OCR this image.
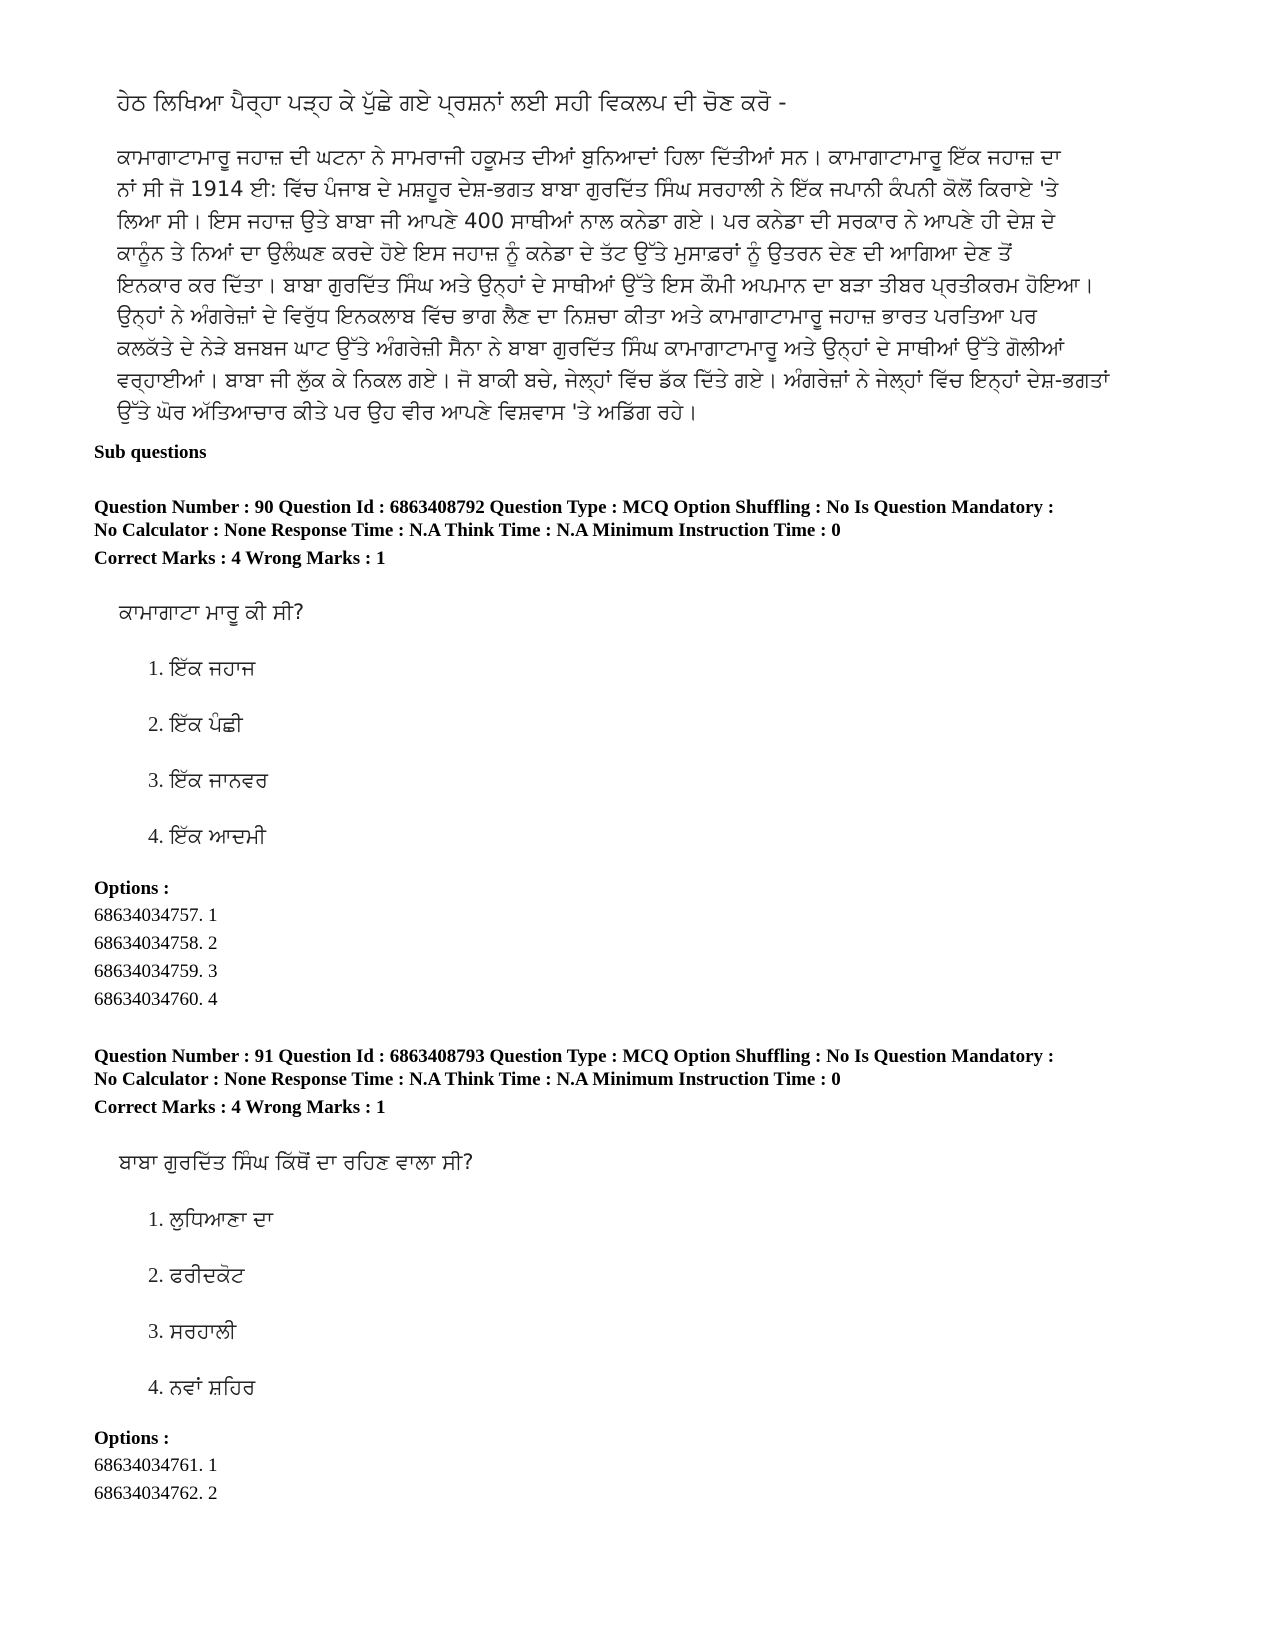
ਹੇਠ ਲਿਖਿਆ ਪੈਰ੍ਹਾ ਪੜ੍ਹ ਕੇ ਪੁੱਛੇ ਗਏ ਪ੍ਰਸ਼ਨਾਂ ਲਈ ਸਹੀ ਵਿਕਲਪ ਦੀ ਚੋਣ ਕਰੋ -
ਕਾਮਾਗਾਟਾਮਾਰੂ ਜਹਾਜ਼ ਦੀ ਘਟਨਾ ਨੇ ਸਾਮਰਾਜੀ ਹਕੂਮਤ ਦੀਆਂ ਬੁਨਿਆਦਾਂ ਹਿਲਾ ਦਿੱਤੀਆਂ ਸਨ। ਕਾਮਾਗਾਟਾਮਾਰੂ ਇੱਕ ਜਹਾਜ਼ ਦਾ
ਨਾਂ ਸੀ ਜੋ 1914 ਈ: ਵਿੱਚ ਪੰਜਾਬ ਦੇ ਮਸ਼ਹੂਰ ਦੇਸ਼-ਭਗਤ ਬਾਬਾ ਗੁਰਦਿੱਤ ਸਿੰਘ ਸਰਹਾਲੀ ਨੇ ਇੱਕ ਜਪਾਨੀ ਕੰਪਨੀ ਕੋਲੋਂ ਕਿਰਾਏ 'ਤੇ
ਲਿਆ ਸੀ। ਇਸ ਜਹਾਜ਼ ਉਤੇ ਬਾਬਾ ਜੀ ਆਪਣੇ 400 ਸਾਥੀਆਂ ਨਾਲ ਕਨੇਡਾ ਗਏ। ਪਰ ਕਨੇਡਾ ਦੀ ਸਰਕਾਰ ਨੇ ਆਪਣੇ ਹੀ ਦੇਸ਼ ਦੇ
ਕਾਨੂੰਨ ਤੇ ਨਿਆਂ ਦਾ ਉਲੰਘਣ ਕਰਦੇ ਹੋਏ ਇਸ ਜਹਾਜ਼ ਨੂੰ ਕਨੇਡਾ ਦੇ ਤੱਟ ਉੱਤੇ ਮੁਸਾਫ਼ਰਾਂ ਨੂੰ ਉਤਰਨ ਦੇਣ ਦੀ ਆਗਿਆ ਦੇਣ ਤੋਂ
ਇਨਕਾਰ ਕਰ ਦਿੱਤਾ। ਬਾਬਾ ਗੁਰਦਿੱਤ ਸਿੰਘ ਅਤੇ ਉਨ੍ਹਾਂ ਦੇ ਸਾਥੀਆਂ ਉੱਤੇ ਇਸ ਕੌਮੀ ਅਪਮਾਨ ਦਾ ਬੜਾ ਤੀਬਰ ਪ੍ਰਤੀਕਰਮ ਹੋਇਆ।
ਉਨ੍ਹਾਂ ਨੇ ਅੰਗਰੇਜ਼ਾਂ ਦੇ ਵਿਰੁੱਧ ਇਨਕਲਾਬ ਵਿੱਚ ਭਾਗ ਲੈਣ ਦਾ ਨਿਸ਼ਚਾ ਕੀਤਾ ਅਤੇ ਕਾਮਾਗਾਟਾਮਾਰੂ ਜਹਾਜ਼ ਭਾਰਤ ਪਰਤਿਆ ਪਰ
ਕਲਕੱਤੇ ਦੇ ਨੇੜੇ ਬਜਬਜ ਘਾਟ ਉੱਤੇ ਅੰਗਰੇਜ਼ੀ ਸੈਨਾ ਨੇ ਬਾਬਾ ਗੁਰਦਿੱਤ ਸਿੰਘ ਕਾਮਾਗਾਟਾਮਾਰੂ ਅਤੇ ਉਨ੍ਹਾਂ ਦੇ ਸਾਥੀਆਂ ਉੱਤੇ ਗੋਲੀਆਂ
ਵਰ੍ਹਾਈਆਂ। ਬਾਬਾ ਜੀ ਲੁੱਕ ਕੇ ਨਿਕਲ ਗਏ। ਜੋ ਬਾਕੀ ਬਚੇ, ਜੇਲ੍ਹਾਂ ਵਿੱਚ ਡੱਕ ਦਿੱਤੇ ਗਏ। ਅੰਗਰੇਜ਼ਾਂ ਨੇ ਜੇਲ੍ਹਾਂ ਵਿੱਚ ਇਨ੍ਹਾਂ ਦੇਸ਼-ਭਗਤਾਂ
ਉੱਤੇ ਘੋਰ ਅੱਤਿਆਚਾਰ ਕੀਤੇ ਪਰ ਉਹ ਵੀਰ ਆਪਣੇ ਵਿਸ਼ਵਾਸ 'ਤੇ ਅਡਿੱਗ ਰਹੇ।
Sub questions
Question Number : 90 Question Id : 6863408792 Question Type : MCQ Option Shuffling : No Is Question Mandatory :
No Calculator : None Response Time : N.A Think Time : N.A Minimum Instruction Time : 0
Correct Marks : 4 Wrong Marks : 1
ਕਾਮਾਗਾਟਾ ਮਾਰੂ ਕੀ ਸੀ?
1. ਇੱਕ ਜਹਾਜ
2. ਇੱਕ ਪੰਛੀ
3. ਇੱਕ ਜਾਨਵਰ
4. ਇੱਕ ਆਦਮੀ
Options :
68634034757. 1
68634034758. 2
68634034759. 3
68634034760. 4
Question Number : 91 Question Id : 6863408793 Question Type : MCQ Option Shuffling : No Is Question Mandatory :
No Calculator : None Response Time : N.A Think Time : N.A Minimum Instruction Time : 0
Correct Marks : 4 Wrong Marks : 1
ਬਾਬਾ ਗੁਰਦਿੱਤ ਸਿੰਘ ਕਿੱਥੋਂ ਦਾ ਰਹਿਣ ਵਾਲਾ ਸੀ?
1. ਲੁਧਿਆਣਾ ਦਾ
2. ਫਰੀਦਕੋਟ
3. ਸਰਹਾਲੀ
4. ਨਵਾਂ ਸ਼ਹਿਰ
Options :
68634034761. 1
68634034762. 2
